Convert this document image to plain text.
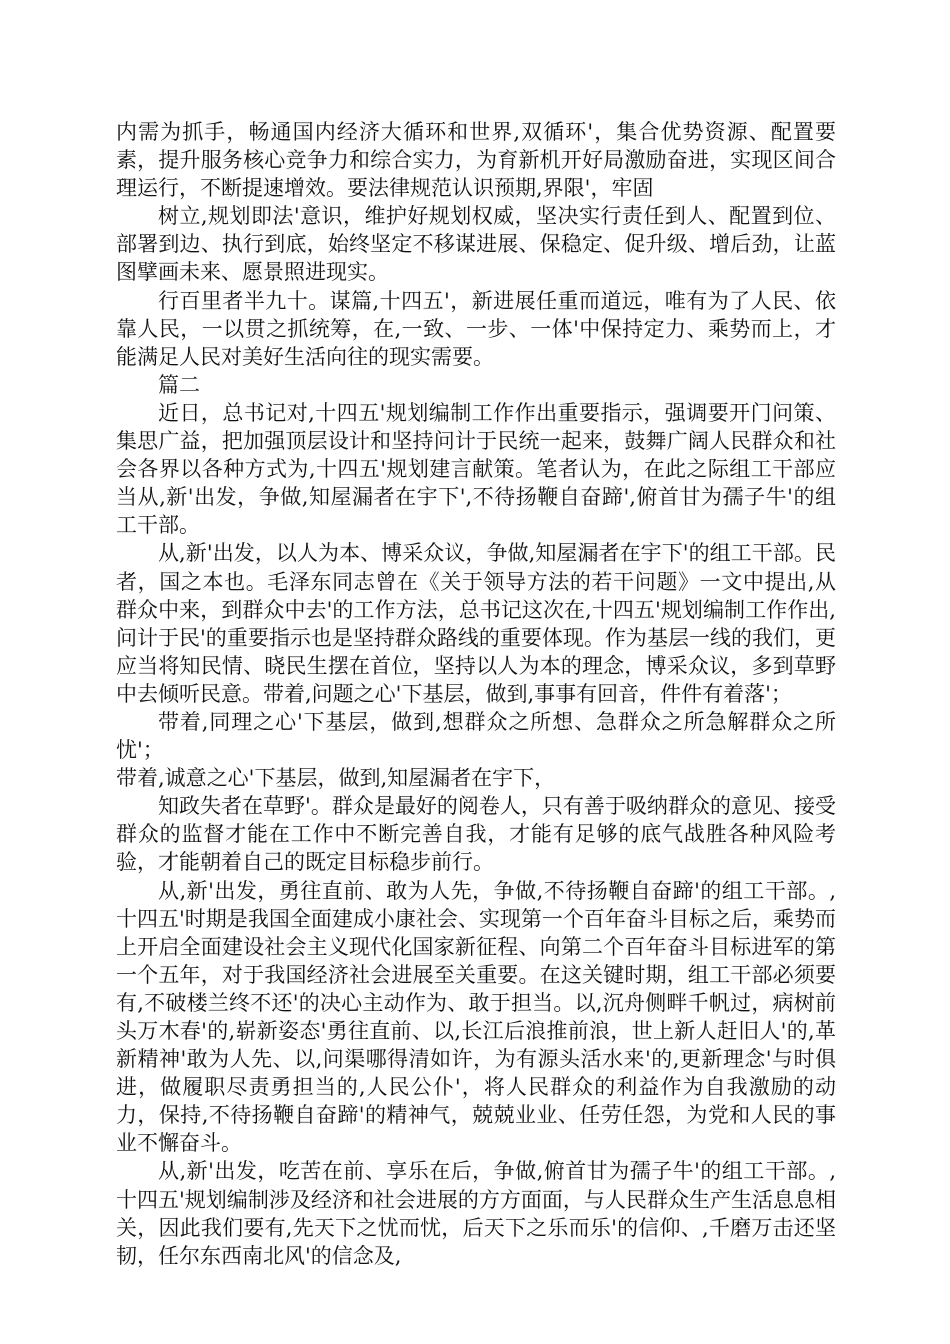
内需为抓手，畅通国内经济大循环和世界,双循环'，集合优势资源、配置要素，提升服务核心竞争力和综合实力，为育新机开好局激励奋进，实现区间合理运行，不断提速增效。要法律规范认识预期,界限'，牢固

树立,规划即法'意识，维护好规划权威，坚决实行责任到人、配置到位、部署到边、执行到底，始终坚定不移谋进展、保稳定、促升级、增后劲，让蓝图擘画未来、愿景照进现实。

行百里者半九十。谋篇,十四五'，新进展任重而道远，唯有为了人民、依靠人民，一以贯之抓统筹，在,一致、一步、一体'中保持定力、乘势而上，才能满足人民对美好生活向往的现实需要。

篇二

近日，总书记对,十四五'规划编制工作作出重要指示，强调要开门问策、集思广益，把加强顶层设计和坚持问计于民统一起来，鼓舞广阔人民群众和社会各界以各种方式为,十四五'规划建言献策。笔者认为，在此之际组工干部应当从,新'出发，争做,知屋漏者在宇下',不待扬鞭自奋蹄',俯首甘为孺子牛'的组工干部。

从,新'出发，以人为本、博采众议，争做,知屋漏者在宇下'的组工干部。民者，国之本也。毛泽东同志曾在《关于领导方法的若干问题》一文中提出,从群众中来，到群众中去'的工作方法，总书记这次在,十四五'规划编制工作作出,问计于民'的重要指示也是坚持群众路线的重要体现。作为基层一线的我们，更应当将知民情、晓民生摆在首位，坚持以人为本的理念，博采众议，多到草野中去倾听民意。带着,问题之心'下基层，做到,事事有回音，件件有着落'；

带着,同理之心'下基层，做到,想群众之所想、急群众之所急解群众之所忧'；

带着,诚意之心'下基层，做到,知屋漏者在宇下，

知政失者在草野'。群众是最好的阅卷人，只有善于吸纳群众的意见、接受群众的监督才能在工作中不断完善自我，才能有足够的底气战胜各种风险考验，才能朝着自己的既定目标稳步前行。

从,新'出发，勇往直前、敢为人先，争做,不待扬鞭自奋蹄'的组工干部。,十四五'时期是我国全面建成小康社会、实现第一个百年奋斗目标之后，乘势而上开启全面建设社会主义现代化国家新征程、向第二个百年奋斗目标进军的第一个五年，对于我国经济社会进展至关重要。在这关键时期，组工干部必须要有,不破楼兰终不还'的决心主动作为、敢于担当。以,沉舟侧畔千帆过，病树前头万木春'的,崭新姿态'勇往直前、以,长江后浪推前浪，世上新人赶旧人'的,革新精神'敢为人先、以,问渠哪得清如许，为有源头活水来'的,更新理念'与时俱进，做履职尽责勇担当的,人民公仆'，将人民群众的利益作为自我激励的动力，保持,不待扬鞭自奋蹄'的精神气，兢兢业业、任劳任怨，为党和人民的事业不懈奋斗。

从,新'出发，吃苦在前、享乐在后，争做,俯首甘为孺子牛'的组工干部。,十四五'规划编制涉及经济和社会进展的方方面面，与人民群众生产生活息息相关，因此我们要有,先天下之忧而忧，后天下之乐而乐'的信仰、,千磨万击还坚韧，任尔东西南北风'的信念及,
